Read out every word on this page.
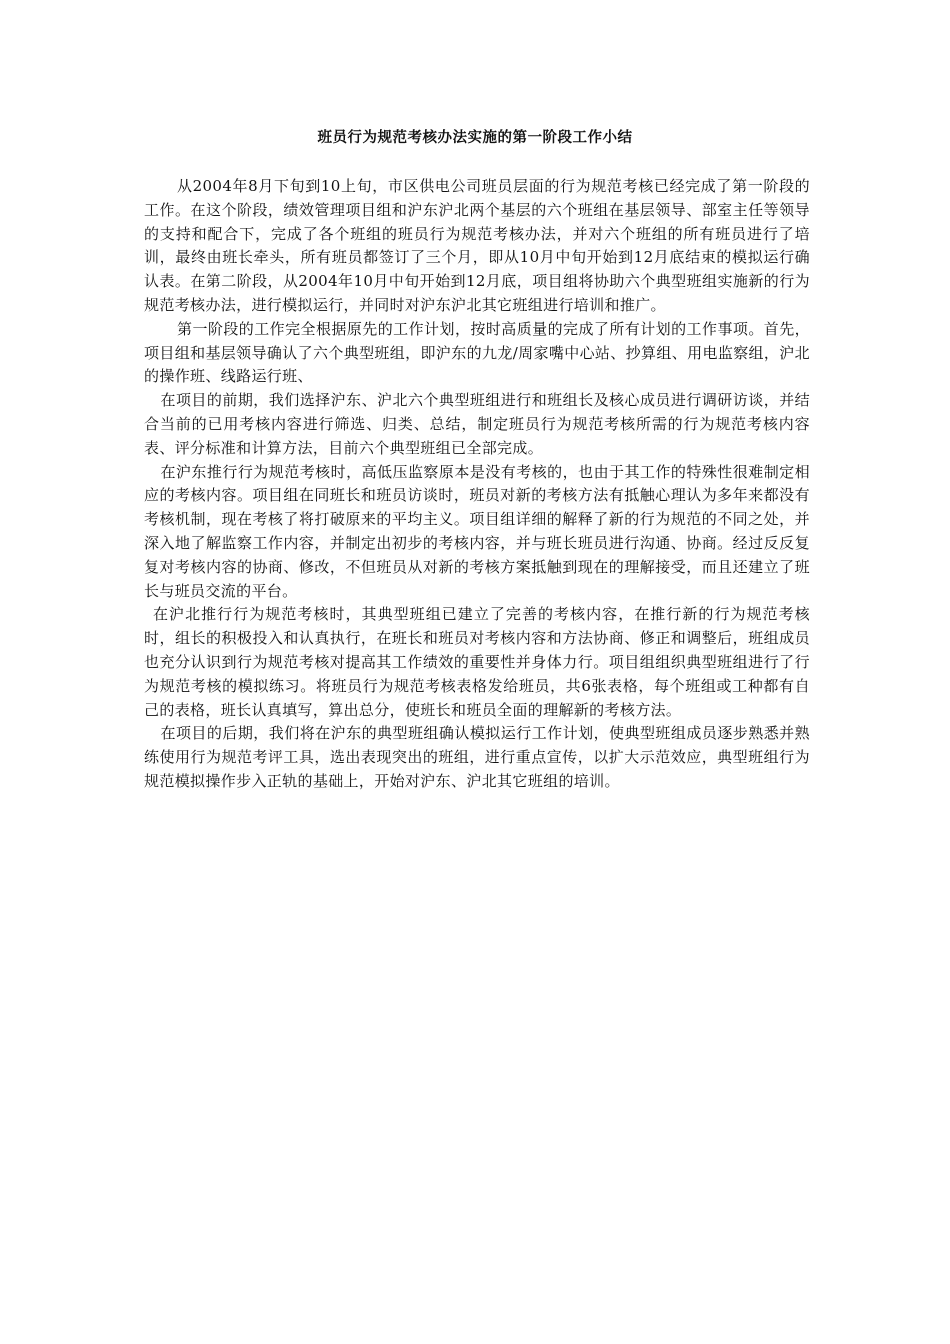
班员行为规范考核办法实施的第一阶段工作小结

从2004年8月下旬到10上旬，市区供电公司班员层面的行为规范考核已经完成了第一阶段的工作。在这个阶段，绩效管理项目组和沪东沪北两个基层的六个班组在基层领导、部室主任等领导的支持和配合下，完成了各个班组的班员行为规范考核办法，并对六个班组的所有班员进行了培训，最终由班长牵头，所有班员都签订了三个月，即从10月中旬开始到12月底结束的模拟运行确认表。在第二阶段，从2004年10月中旬开始到12月底，项目组将协助六个典型班组实施新的行为规范考核办法，进行模拟运行，并同时对沪东沪北其它班组进行培训和推广。

第一阶段的工作完全根据原先的工作计划，按时高质量的完成了所有计划的工作事项。首先，项目组和基层领导确认了六个典型班组，即沪东的九龙/周家嘴中心站、抄算组、用电监察组，沪北的操作班、线路运行班、

在项目的前期，我们选择沪东、沪北六个典型班组进行和班组长及核心成员进行调研访谈，并结合当前的已用考核内容进行筛选、归类、总结，制定班员行为规范考核所需的行为规范考核内容表、评分标准和计算方法，目前六个典型班组已全部完成。

在沪东推行行为规范考核时，高低压监察原本是没有考核的，也由于其工作的特殊性很难制定相应的考核内容。项目组在同班长和班员访谈时，班员对新的考核方法有抵触心理认为多年来都没有考核机制，现在考核了将打破原来的平均主义。项目组详细的解释了新的行为规范的不同之处，并深入地了解监察工作内容，并制定出初步的考核内容，并与班长班员进行沟通、协商。经过反反复复对考核内容的协商、修改，不但班员从对新的考核方案抵触到现在的理解接受，而且还建立了班长与班员交流的平台。

在沪北推行行为规范考核时，其典型班组已建立了完善的考核内容，在推行新的行为规范考核时，组长的积极投入和认真执行，在班长和班员对考核内容和方法协商、修正和调整后，班组成员也充分认识到行为规范考核对提高其工作绩效的重要性并身体力行。项目组组织典型班组进行了行为规范考核的模拟练习。将班员行为规范考核表格发给班员，共6张表格，每个班组或工种都有自己的表格，班长认真填写，算出总分，使班长和班员全面的理解新的考核方法。

在项目的后期，我们将在沪东的典型班组确认模拟运行工作计划，使典型班组成员逐步熟悉并熟练使用行为规范考评工具，选出表现突出的班组，进行重点宣传，以扩大示范效应，典型班组行为规范模拟操作步入正轨的基础上，开始对沪东、沪北其它班组的培训。
